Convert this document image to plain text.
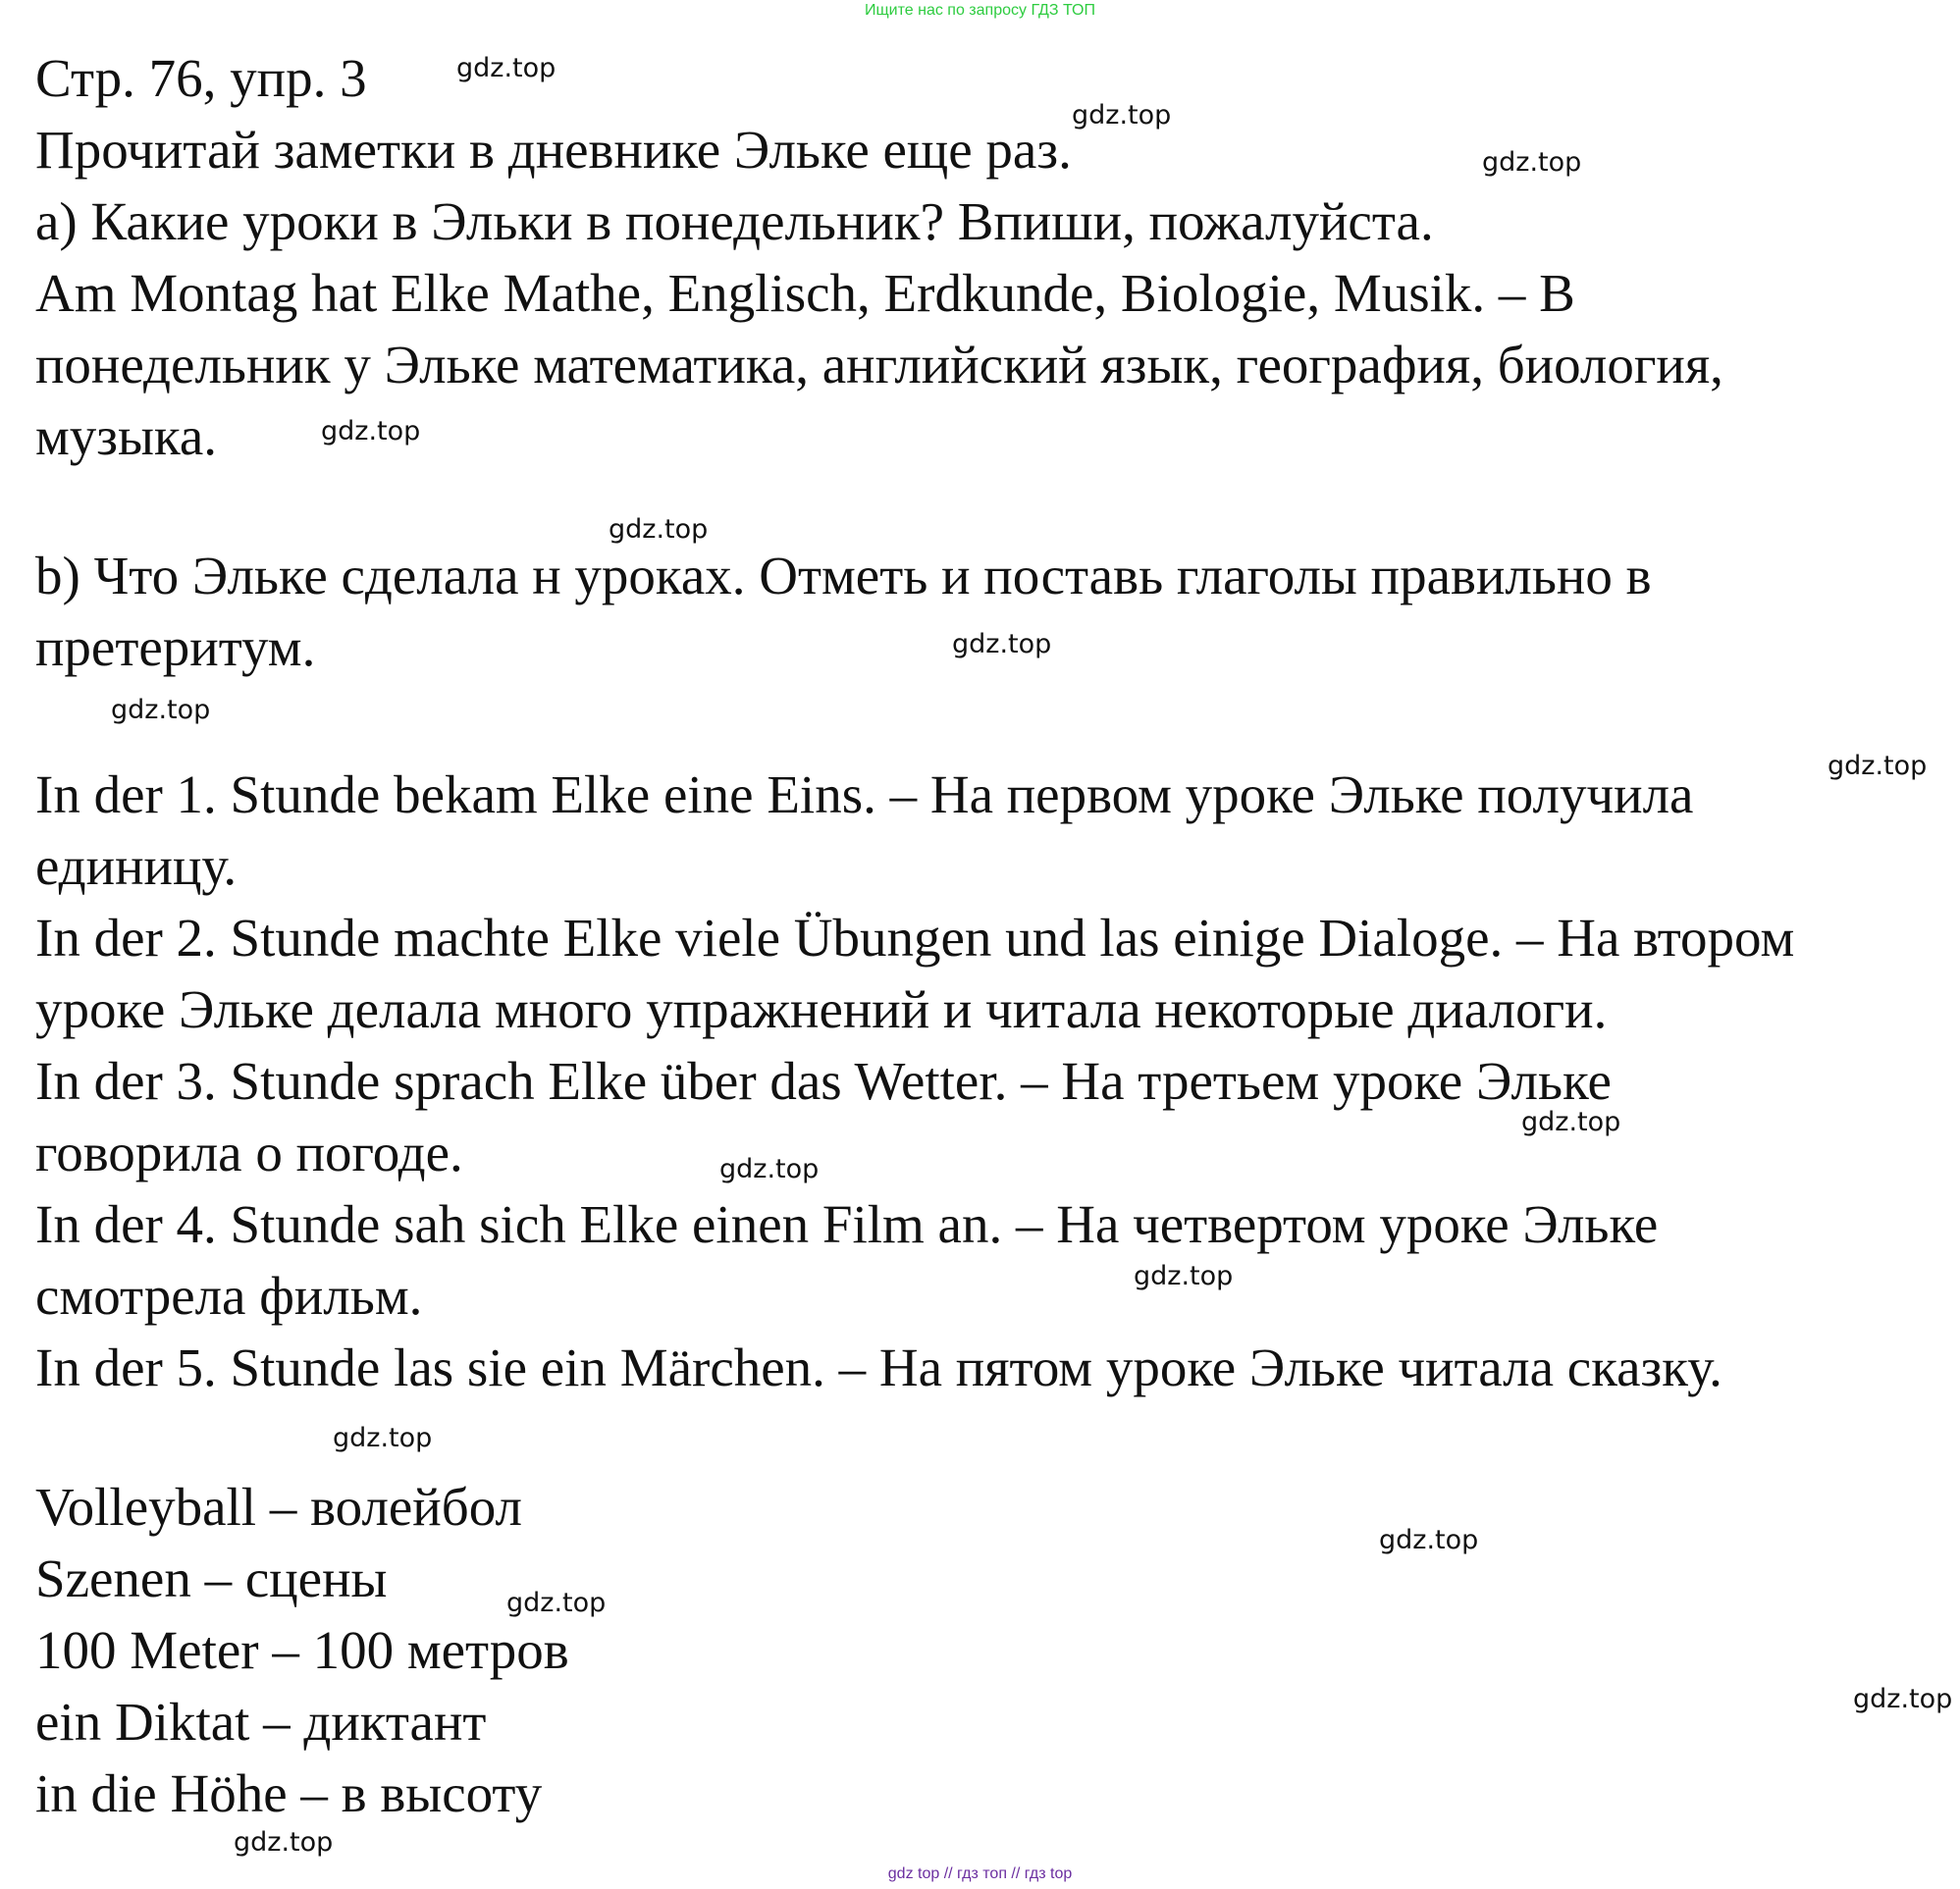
Ищите нас по запросу ГДЗ ТОП
Стр. 76, упр. 3
Прочитай заметки в дневнике Эльке еще раз.
а) Какие уроки в Эльки в понедельник? Впиши, пожалуйста.
Am Montag hat Elke Mathe, Englisch, Erdkunde, Biologie, Musik. – В
понедельник у Эльке математика, английский язык, география, биология,
музыка.
b) Что Эльке сделала н уроках. Отметь и поставь глаголы правильно в
претеритум.
In der 1. Stunde bekam Elke eine Eins. – На первом уроке Эльке получила
единицу.
In der 2. Stunde machte Elke viele Übungen und las einige Dialoge. – На втором
уроке Эльке делала много упражнений и читала некоторые диалоги.
In der 3. Stunde sprach Elke über das Wetter. – На третьем уроке Эльке
говорила о погоде.
In der 4. Stunde sah sich Elke einen Film an. – На четвертом уроке Эльке
смотрела фильм.
In der 5. Stunde las sie ein Märchen. – На пятом уроке Эльке читала сказку.
Volleyball – волейбол
Szenen – сцены
100 Meter – 100 метров
ein Diktat – диктант
in die Höhe – в высоту
gdz.top
gdz.top
gdz.top
gdz.top
gdz.top
gdz.top
gdz.top
gdz.top
gdz.top
gdz.top
gdz.top
gdz.top
gdz.top
gdz.top
gdz.top
gdz.top
gdz top // гдз топ // гдз top
